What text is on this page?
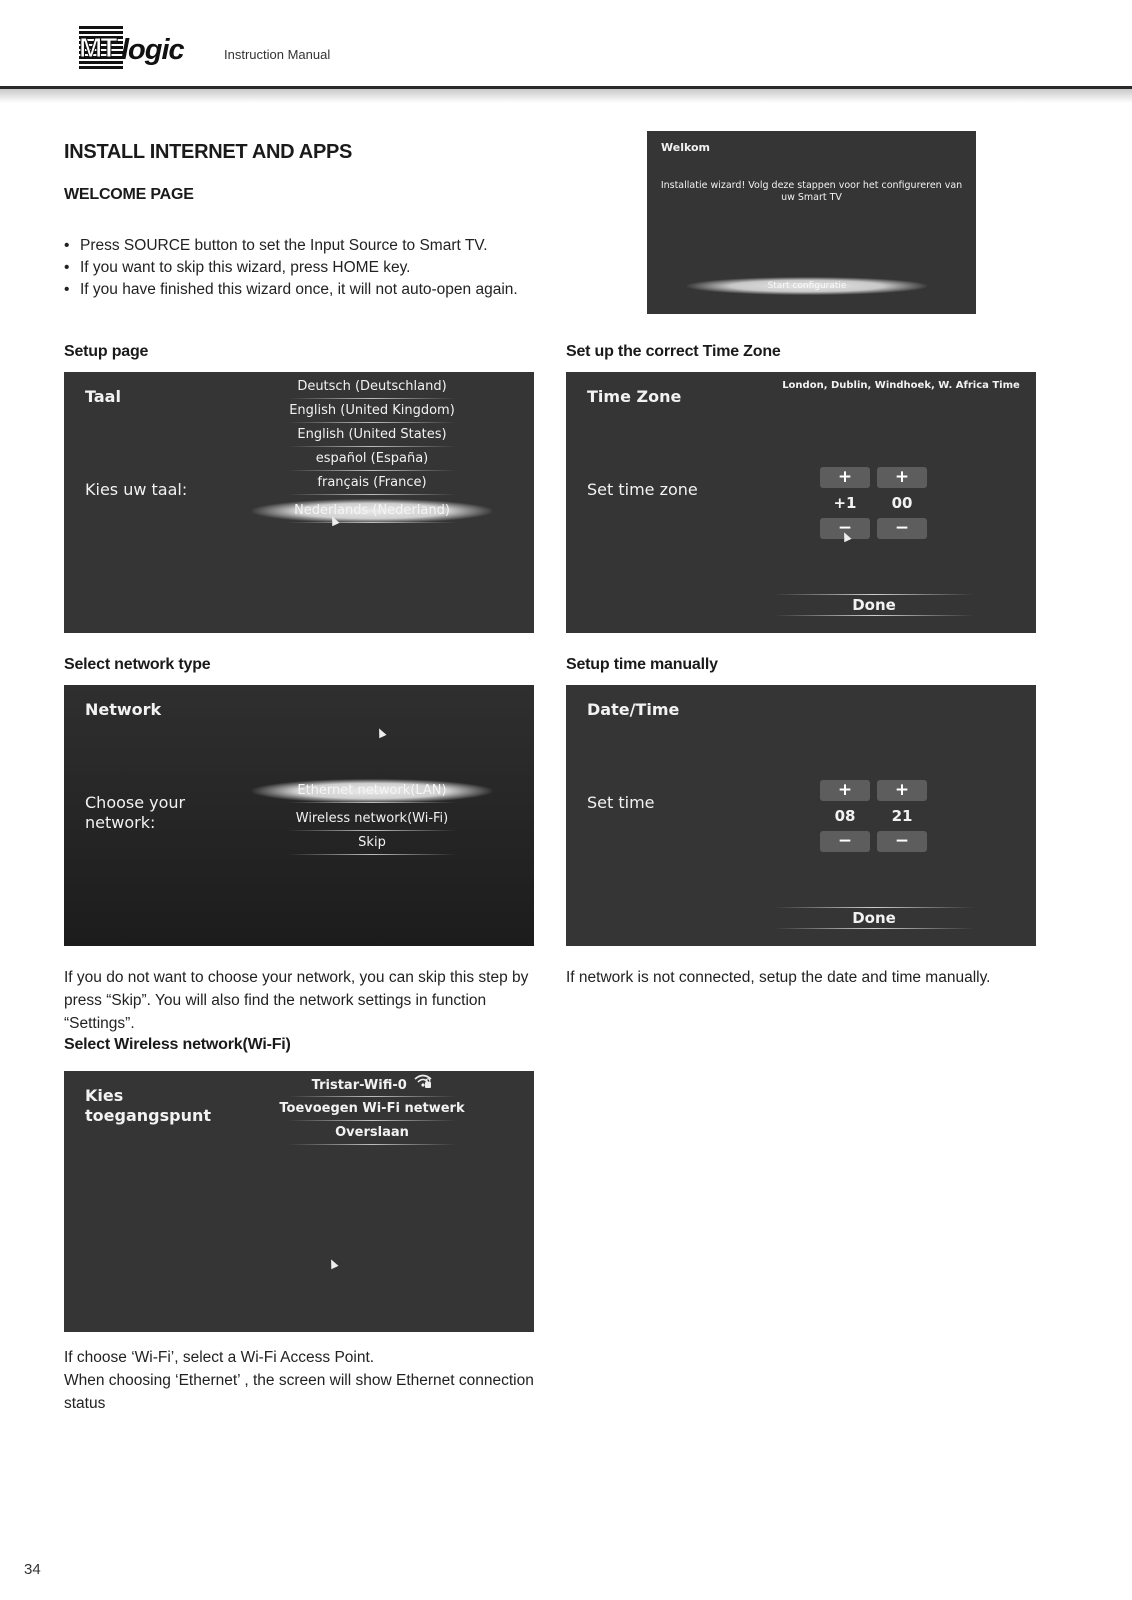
MT logic	Instruction Manual
INSTALL INTERNET AND APPS
WELCOME PAGE
• Press SOURCE button to set the Input Source to Smart TV.
• If you want to skip this wizard, press HOME key.
• If you have finished this wizard once, it will not auto-open again.
Welkom
Installatie wizard! Volg deze stappen voor het configureren van uw Smart TV
Start configuratie
Setup page
Taal
Kies uw taal:
Deutsch (Deutschland)
English (United Kingdom)
English (United States)
español (España)
français (France)
Nederlands (Nederland)
Set up the correct Time Zone
Time Zone
London, Dublin, Windhoek, W. Africa Time
Set time zone
+
+1
−
+
00
−
Done
Select network type
Network
Choose your
network:
Ethernet network(LAN)
Wireless network(Wi-Fi)
Skip
If you do not want to choose your network, you can skip this step by press “Skip”. You will also find the network settings in function “Settings”.
Setup time manually
Date/Time
Set time
+
08
−
+
21
−
Done
If network is not connected, setup the date and time manually.
Select Wireless network(Wi-Fi)
Kies
toegangspunt
Tristar-Wifi-0
Toevoegen Wi-Fi netwerk
Overslaan
If choose ‘Wi-Fi’, select a Wi-Fi Access Point.
When choosing ‘Ethernet’ , the screen will show Ethernet connection status
34
